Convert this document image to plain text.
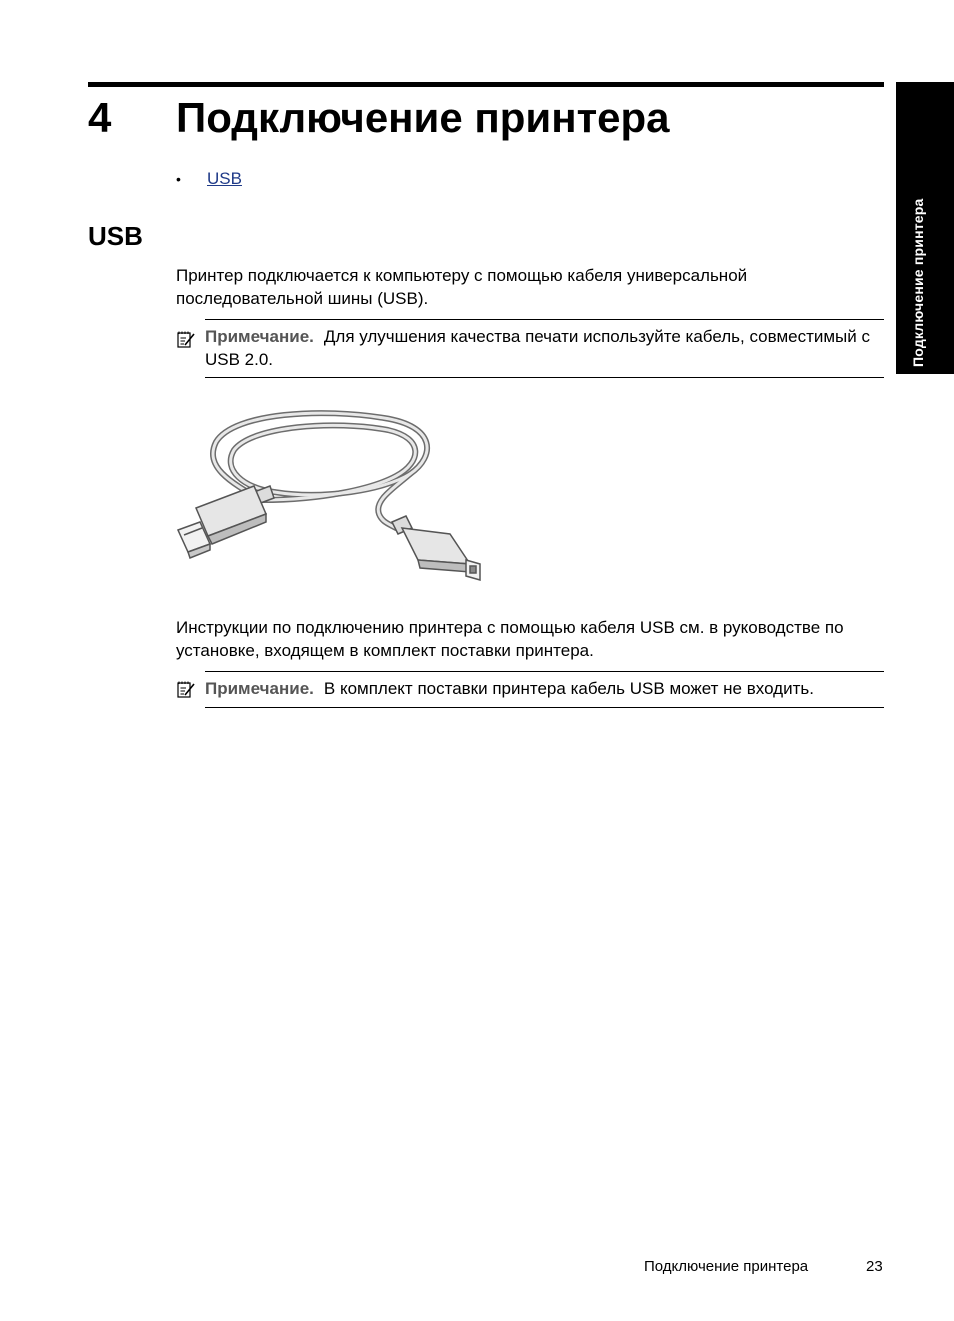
Подключение принтера
4 Подключение принтера
• USB
USB

Принтер подключается к компьютеру с помощью кабеля универсальной последовательной шины (USB).

Примечание. Для улучшения качества печати используйте кабель, совместимый с USB 2.0.

Инструкции по подключению принтера с помощью кабеля USB см. в руководстве по установке, входящем в комплект поставки принтера.

Примечание. В комплект поставки принтера кабель USB может не входить.

Подключение принтера	23
